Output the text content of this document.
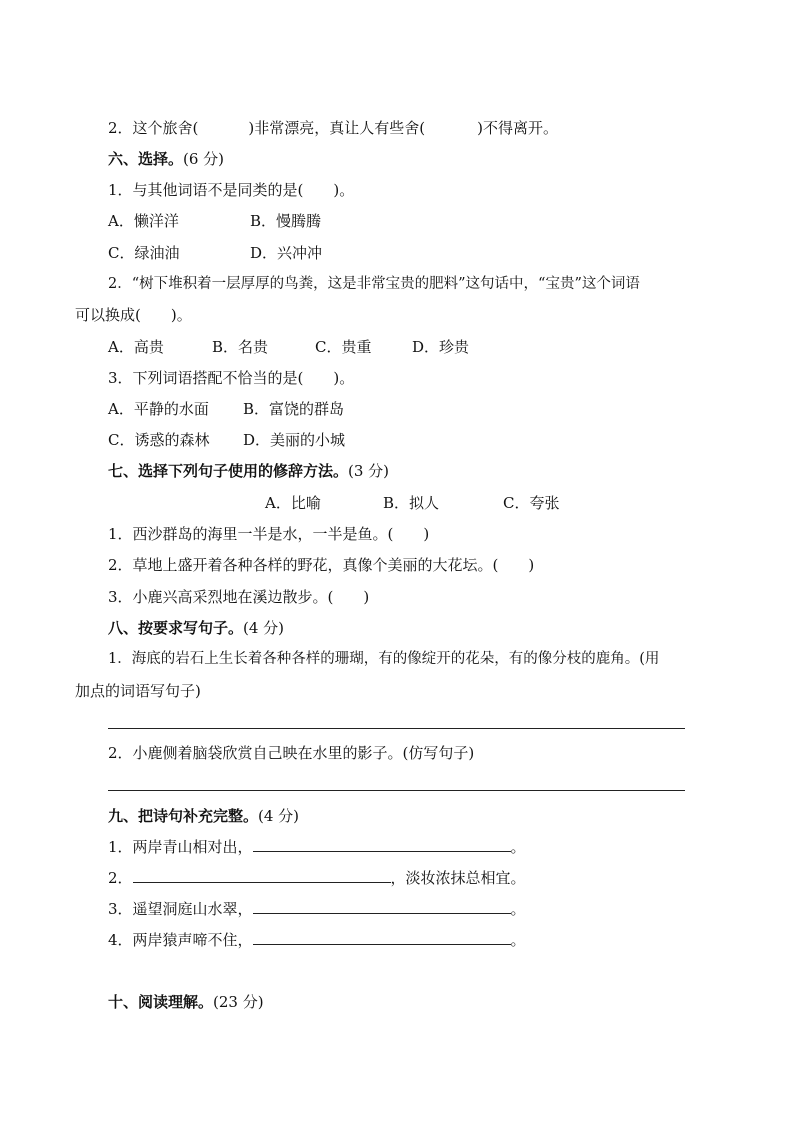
2．这个旅舍(	)非常漂亮，真让人有些舍(	)不得离开。
六、选择。(6 分)
1．与其他词语不是同类的是(　　)。
A．懒洋洋	B．慢腾腾
C．绿油油	D．兴冲冲
2．“树下堆积着一层厚厚的鸟粪，这是非常宝贵的肥料”这句话中，“宝贵”这个词语
可以换成(　　)。
A．高贵	B．名贵	C．贵重	D．珍贵
3．下列词语搭配不恰当的是(　　)。
A．平静的水面 B．富饶的群岛
C．诱惑的森林 D．美丽的小城
七、选择下列句子使用的修辞方法。(3 分)
A．比喻	B．拟人	C．夸张
1．西沙群岛的海里一半是水，一半是鱼。(　　)
2．草地上盛开着各种各样的野花，真像个美丽的大花坛。(　　)
3．小鹿兴高采烈地在溪边散步。(　　)
八、按要求写句子。(4 分)
1．海底的岩石上生长着各种各样的珊瑚，有的像绽开的花朵，有的像分枝的鹿角。(用
加点的词语写句子)
2．小鹿侧着脑袋欣赏自己映在水里的影子。(仿写句子)
九、把诗句补充完整。(4 分)
1．两岸青山相对出，	。
2．	，淡妆浓抹总相宜。
3．遥望洞庭山水翠，	。
4．两岸猿声啼不住，	。
十、阅读理解。(23 分)
